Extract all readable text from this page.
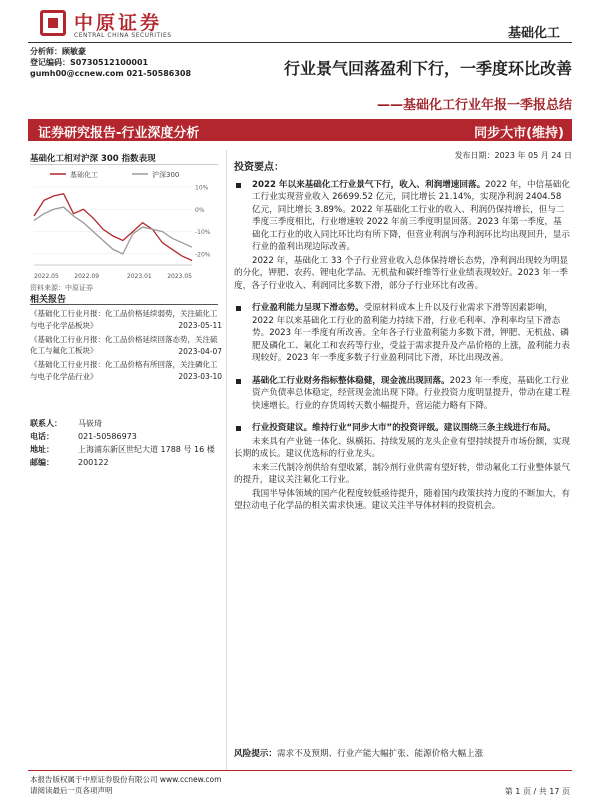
中原证券
CENTRAL CHINA SECURITIES	基础化工
分析师：顾敏豪
登记编码：S0730512100001
gumh00@ccnew.com 021-50586308	行业景气回落盈利下行，一季度环比改善
——基础化工行业年报一季报总结
证券研究报告-行业深度分析	同步大市(维持)
发布日期：2023 年 05 月 24 日
基础化工相对沪深 300 指数表现
基础化工	沪深300
10%
0%
-10%
-20%
2022.05	2022.09	2023.01	2023.05
资料来源：中原证券
相关报告
《基础化工行业月报：化工品价格延续弱势，关注硫化工与电子化学品板块》	2023-05-11
《基础化工行业月报：化工品价格延续回落态势，关注硫化工与氟化工板块》	2023-04-07
《基础化工行业月报：化工品价格有所回落，关注磷化工与电子化学品行业》	2023-03-10
联系人：	马嵚琦
电话：	021-50586973
地址：	上海浦东新区世纪大道 1788 号 16 楼
邮编：	200122
投资要点：
2022 年以来基础化工行业景气下行，收入、利润增速回落。2022 年，中信基础化工行业实现营业收入 26699.52 亿元，同比增长 21.14%，实现净利润 2404.58 亿元，同比增长 3.89%。2022 年基础化工行业的收入、利润仍保持增长，但与二季度三季度相比，行业增速较 2022 年前三季度明显回落。2023 年第一季度，基础化工行业的收入同比环比均有所下降，但营业利润与净利润环比均出现回升，显示行业的盈利出现边际改善。
2022 年，基础化工 33 个子行业营业收入总体保持增长态势，净利润出现较为明显的分化，钾肥、农药、锂电化学品、无机盐和碳纤维等行业业绩表现较好。2023 年一季度，各子行业收入、利润同比多数下滑，部分子行业环比有改善。
行业盈利能力呈现下滑态势。受原材料成本上升以及行业需求下滑等因素影响，2022 年以来基础化工行业的盈利能力持续下滑，行业毛利率、净利率均呈下滑态势。2023 年一季度有所改善。全年各子行业盈利能力多数下滑，钾肥、无机盐、磷肥及磷化工、氟化工和农药等行业，受益于需求提升及产品价格的上涨，盈利能力表现较好。2023 年一季度多数子行业盈利同比下滑，环比出现改善。
基础化工行业财务指标整体稳健，现金流出现回落。2023 年一季度，基础化工行业资产负债率总体稳定，经营现金流出现下降。行业投资力度明显提升，带动在建工程快速增长。行业的存货周转天数小幅提升，营运能力略有下降。
行业投资建议。维持行业“同步大市”的投资评级。建议围绕三条主线进行布局。
未来具有产业链一体化、纵横拓、持续发展的龙头企业有望持续提升市场份额，实现长期的成长。建议优选标的行业龙头。
未来三代制冷剂供给有望收紧，制冷剂行业供需有望好转，带动氟化工行业整体景气的提升，建议关注氟化工行业。
我国半导体领域的国产化程度较低亟待提升，随着国内政策扶持力度的不断加大，有望拉动电子化学品的相关需求快速。建议关注半导体材料的投资机会。
风险提示：需求不及预期、行业产能大幅扩张、能源价格大幅上涨
本报告版权属于中原证券股份有限公司 www.ccnew.com
请阅读最后一页各项声明	第 1 页 / 共 17 页
